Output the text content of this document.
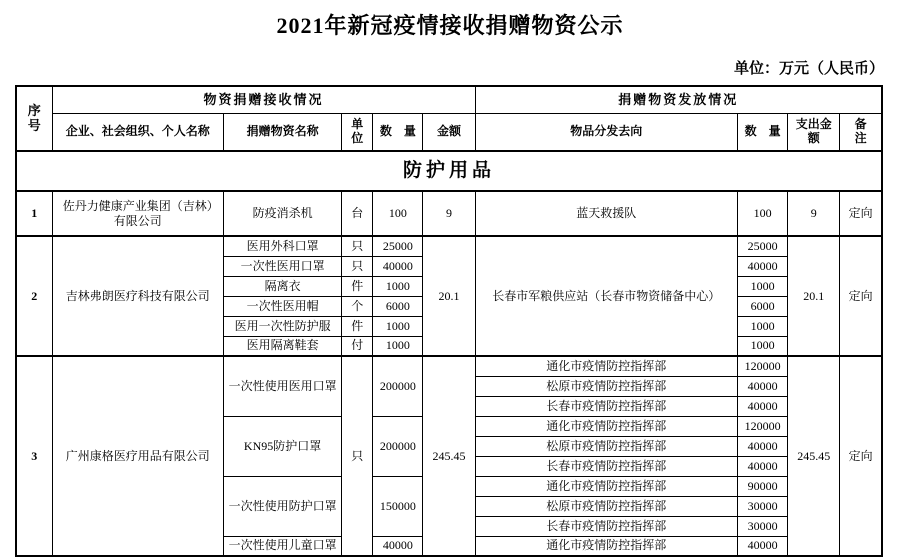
2021年新冠疫情接收捐赠物资公示
单位：万元（人民币）
序号	物资捐赠接收情况					捐赠物资发放情况			
	企业、社会组织、个人名称	捐赠物资名称	单位	数　量	金额	物品分发去向	数　量	支出金额	备注
防护用品									
1	佐丹力健康产业集团（吉林）有限公司	防疫消杀机	台	100	9	蓝天救援队	100	9	定向
2	吉林弗朗医疗科技有限公司	医用外科口罩	只	25000	20.1	长春市军粮供应站（长春市物资储备中心）	25000	20.1	定向
		一次性医用口罩	只	40000			40000		
		隔离衣	件	1000			1000		
		一次性医用帽	个	6000			6000		
		医用一次性防护服	件	1000			1000		
		医用隔离鞋套	付	1000			1000		
3	广州康格医疗用品有限公司	一次性使用医用口罩	只	200000	245.45	通化市疫情防控指挥部	120000	245.45	定向
						松原市疫情防控指挥部	40000		
						长春市疫情防控指挥部	40000		
		KN95防护口罩		200000		通化市疫情防控指挥部	120000		
						松原市疫情防控指挥部	40000		
						长春市疫情防控指挥部	40000		
		一次性使用防护口罩		150000		通化市疫情防控指挥部	90000		
						松原市疫情防控指挥部	30000		
						长春市疫情防控指挥部	30000		
		一次性使用儿童口罩		40000		通化市疫情防控指挥部	40000		
